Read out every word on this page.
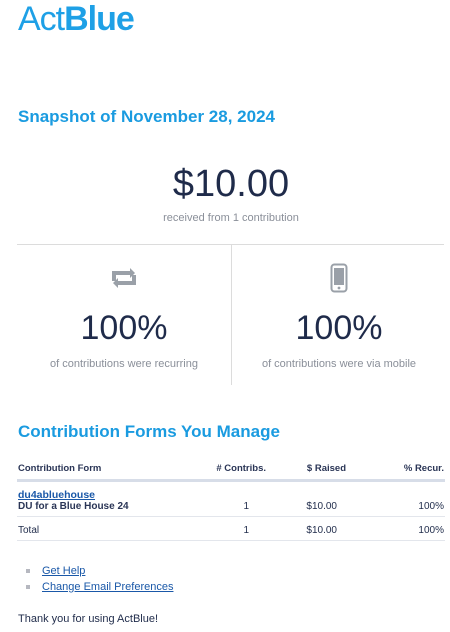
ActBlue
Snapshot of November 28, 2024
$10.00
received from 1 contribution
100%
of contributions were recurring
100%
of contributions were via mobile
Contribution Forms You Manage
Contribution Form	# Contribs.	$ Raised	% Recur.
du4abluehouse
DU for a Blue House 24	1	$10.00	100%
Total	1	$10.00	100%
Get Help
Change Email Preferences
Thank you for using ActBlue!
